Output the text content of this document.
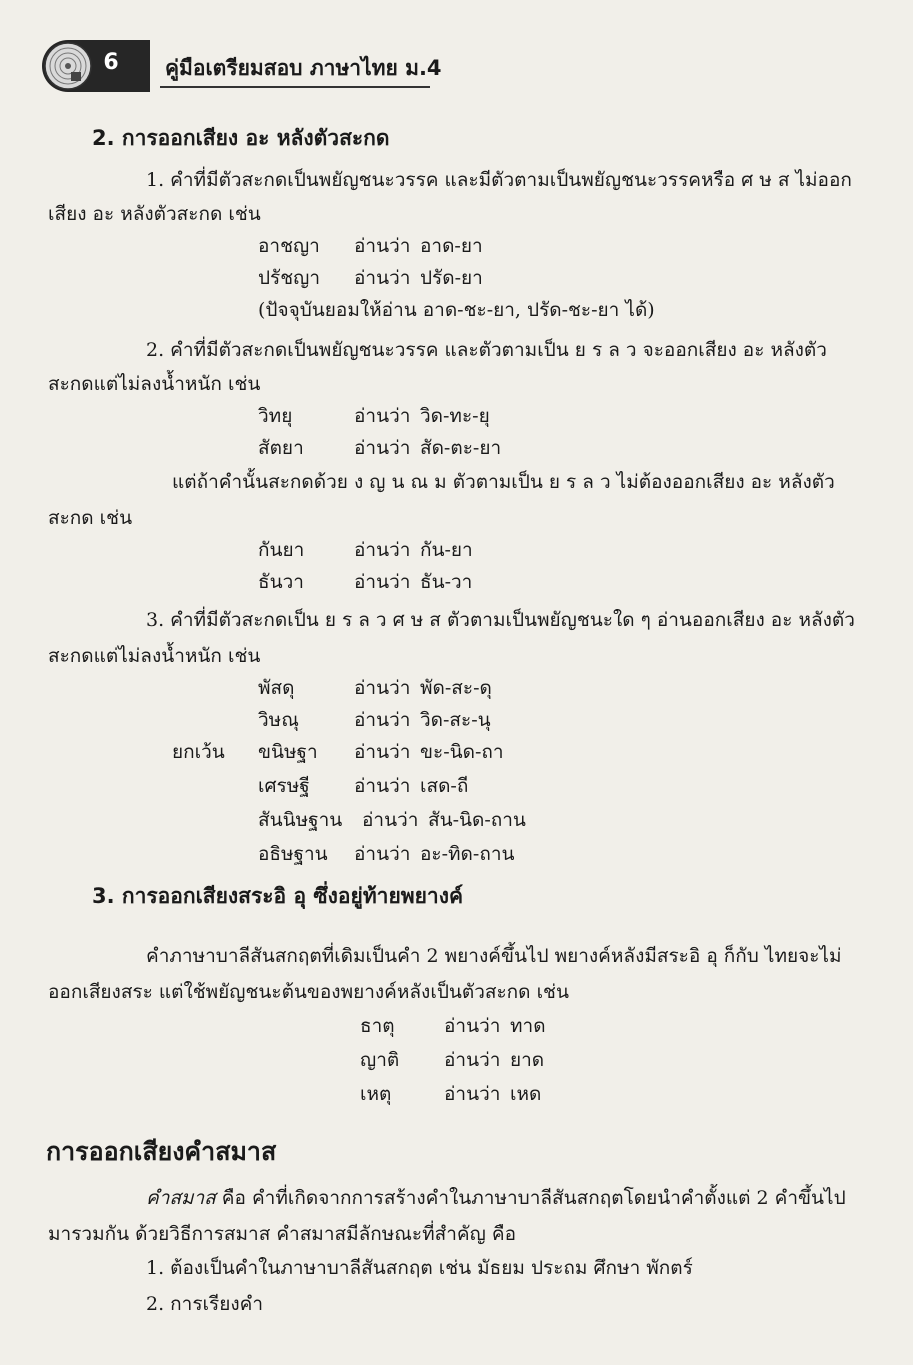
6	คู่มือเตรียมสอบ ภาษาไทย ม.4
2. การออกเสียง อะ หลังตัวสะกด
1. คำที่มีตัวสะกดเป็นพยัญชนะวรรค และมีตัวตามเป็นพยัญชนะวรรคหรือ ศ ษ ส ไม่ออก
เสียง อะ หลังตัวสะกด เช่น
อาชญา อ่านว่า อาด-ยา
ปรัชญา อ่านว่า ปรัด-ยา
(ปัจจุบันยอมให้อ่าน อาด-ชะ-ยา, ปรัด-ชะ-ยา ได้)
2. คำที่มีตัวสะกดเป็นพยัญชนะวรรค และตัวตามเป็น ย ร ล ว จะออกเสียง อะ หลังตัว
สะกดแต่ไม่ลงน้ำหนัก เช่น
วิทยุ	อ่านว่า วิด-ทะ-ยุ
สัตยา	อ่านว่า สัด-ตะ-ยา
แต่ถ้าคำนั้นสะกดด้วย ง ญ น ณ ม ตัวตามเป็น ย ร ล ว ไม่ต้องออกเสียง อะ หลังตัว
สะกด เช่น
กันยา	อ่านว่า กัน-ยา
ธันวา	อ่านว่า ธัน-วา
3. คำที่มีตัวสะกดเป็น ย ร ล ว ศ ษ ส ตัวตามเป็นพยัญชนะใด ๆ อ่านออกเสียง อะ หลังตัว
สะกดแต่ไม่ลงน้ำหนัก เช่น
พัสดุ	อ่านว่า พัด-สะ-ดุ
วิษณุ	อ่านว่า วิด-สะ-นุ
ยกเว้น ขนิษฐา อ่านว่า ขะ-นิด-ถา
เศรษฐี อ่านว่า เสด-ถี
สันนิษฐาน อ่านว่า สัน-นิด-ถาน
อธิษฐาน อ่านว่า อะ-ทิด-ถาน
3. การออกเสียงสระอิ อุ ซึ่งอยู่ท้ายพยางค์
คำภาษาบาลีสันสกฤตที่เดิมเป็นคำ 2 พยางค์ขึ้นไป พยางค์หลังมีสระอิ อุ ก็กับ ไทยจะไม่
ออกเสียงสระ แต่ใช้พยัญชนะต้นของพยางค์หลังเป็นตัวสะกด เช่น
ธาตุ	อ่านว่า ทาด
ญาติ อ่านว่า ยาด
เหตุ	อ่านว่า เหด
การออกเสียงคำสมาส
คำสมาส คือ คำที่เกิดจากการสร้างคำในภาษาบาลีสันสกฤตโดยนำคำตั้งแต่ 2 คำขึ้นไป
มารวมกัน ด้วยวิธีการสมาส คำสมาสมีลักษณะที่สำคัญ คือ
1. ต้องเป็นคำในภาษาบาลีสันสกฤต เช่น มัธยม ประถม ศึกษา พักตร์
2. การเรียงคำ
